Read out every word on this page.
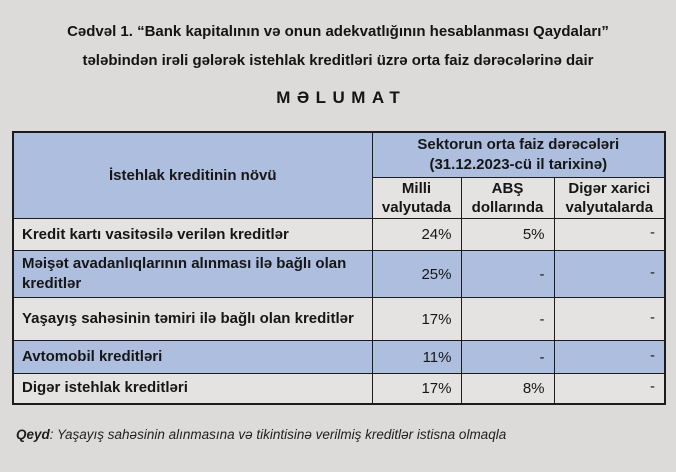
Cədvəl 1. “Bank kapitalının və onun adekvatlığının hesablanması Qaydaları”
tələbindən irəli gələrək istehlak kreditləri üzrə orta faiz dərəcələrinə dair
MƏLUMAT
İstehlak kreditinin növü	Sektorun orta faiz dərəcələri
(31.12.2023-cü il tarixinə)		

	Milli valyutada	ABŞ dollarında	Digər xarici valyutalarda
Kredit kartı vasitəsilə verilən kreditlər	24%	5%	-
Məişət avadanlıqlarının alınması ilə bağlı olan kreditlər	25%	-	-
Yaşayış sahəsinin təmiri ilə bağlı olan kreditlər	17%	-	-
Avtomobil kreditləri	11%	-	-
Digər istehlak kreditləri	17%	8%	-

Qeyd: Yaşayış sahəsinin alınmasına və tikintisinə verilmiş kreditlər istisna olmaqla
